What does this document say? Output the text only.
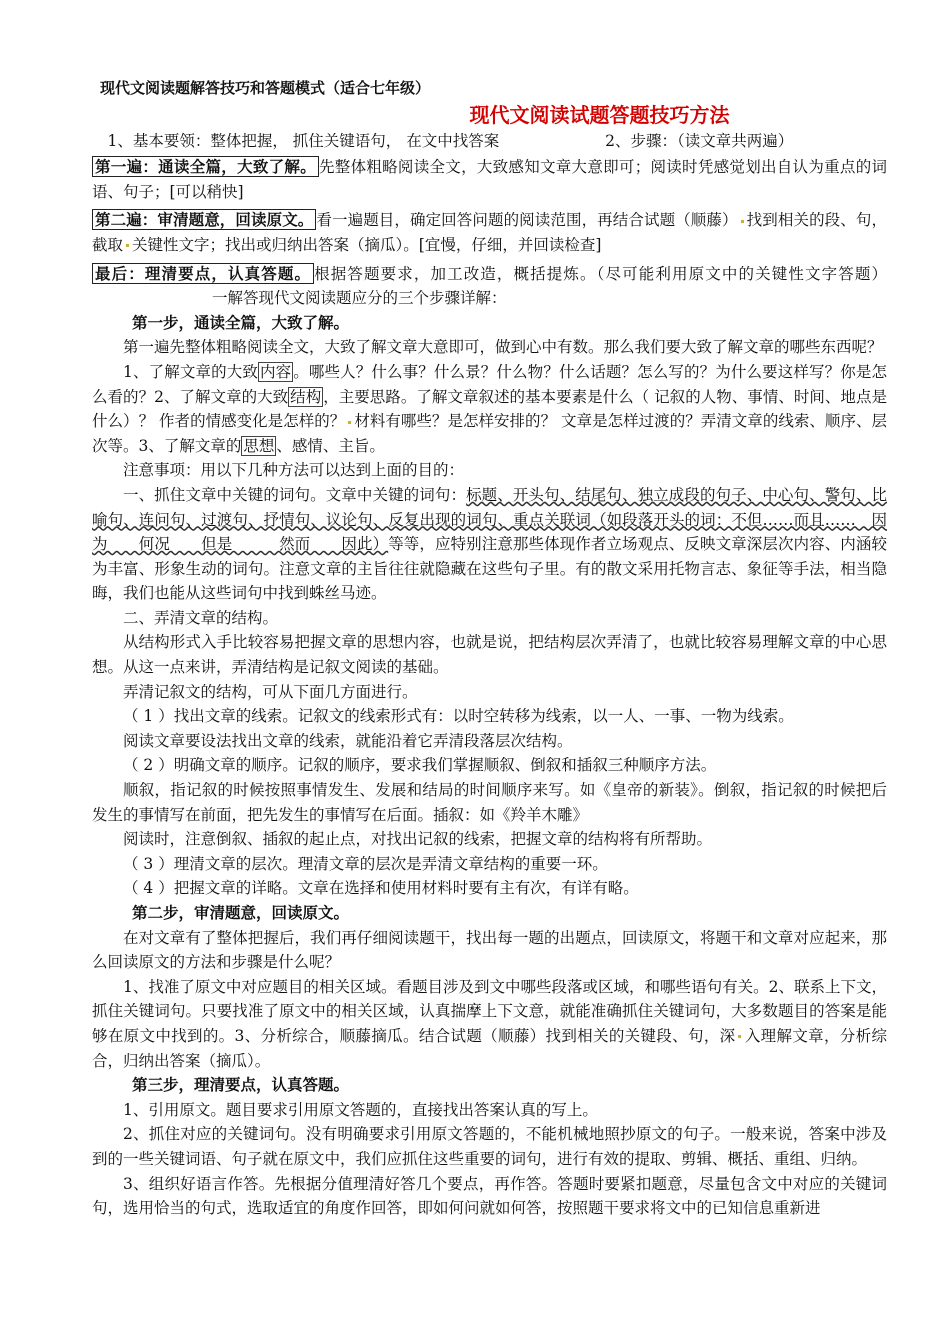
现代文阅读题解答技巧和答题模式（适合七年级）

现代文阅读试题答题技巧方法

1、基本要领：整体把握， 抓住关键语句， 在文中找答案	2、步骤：（读文章共两遍）

第一遍：通读全篇，大致了解。 先整体粗略阅读全文，大致感知文章大意即可；阅读时凭感觉划出自认为重点的词语、句子；[可以稍快]

第二遍：审清题意，回读原文。 看一遍题目，确定回答问题的阅读范围，再结合试题（顺藤） 找到相关的段、句，截取 关键性文字；找出或归纳出答案（摘瓜）。[宜慢，仔细，并回读检查]

最后：理清要点，认真答题。 根据答题要求，加工改造，概括提炼。（尽可能利用原文中的关键性文字答题）一解答现代文阅读题应分的三个步骤详解：

第一步，通读全篇，大致了解。

第一遍先整体粗略阅读全文，大致了解文章大意即可，做到心中有数。那么我们要大致了解文章的哪些东西呢？

1、了解文章的大致 内容 。哪些人？什么事？什么景？什么物？什么话题？怎么写的？为什么要这样写？你是怎么看的？2、了解文章的大致 结构 ，主要思路。了解文章叙述的基本要素是什么（ 记叙的人物、事情、时间、地点是什么）？ 作者的情感变化是怎样的？ 材料有哪些？是怎样安排的？ 文章是怎样过渡的？弄清文章的线索、顺序、层次等。3、了解文章的 思想 、感情、主旨。

注意事项：用以下几种方法可以达到上面的目的：

一、抓住文章中关键的词句。文章中关键的词句：标题、开头句、结尾句、独立成段的句子、中心句、警句、比喻句、连问句、过渡句、抒情句、议论句、反复出现的词句、重点关联词（如段落开头的词：不但……而且……　因为　　何况　　但是　　　然而　　因此）等等，应特别注意那些体现作者立场观点、反映文章深层次内容、内涵较为丰富、形象生动的词句。注意文章的主旨往往就隐藏在这些句子里。有的散文采用托物言志、象征等手法，相当隐晦，我们也能从这些词句中找到蛛丝马迹。

二、弄清文章的结构。

从结构形式入手比较容易把握文章的思想内容，也就是说，把结构层次弄清了，也就比较容易理解文章的中心思想。从这一点来讲，弄清结构是记叙文阅读的基础。

弄清记叙文的结构，可从下面几方面进行。

（ 1 ）找出文章的线索。记叙文的线索形式有：以时空转移为线索，以一人、一事、一物为线索。

阅读文章要设法找出文章的线索，就能沿着它弄清段落层次结构。

（ 2 ）明确文章的顺序。记叙的顺序，要求我们掌握顺叙、倒叙和插叙三种顺序方法。

顺叙，指记叙的时候按照事情发生、发展和结局的时间顺序来写。如《皇帝的新装》。倒叙，指记叙的时候把后发生的事情写在前面，把先发生的事情写在后面。插叙：如《羚羊木雕》

阅读时，注意倒叙、插叙的起止点，对找出记叙的线索，把握文章的结构将有所帮助。

（ 3 ）理清文章的层次。理清文章的层次是弄清文章结构的重要一环。

（ 4 ）把握文章的详略。文章在选择和使用材料时要有主有次，有详有略。

第二步，审清题意，回读原文。

在对文章有了整体把握后，我们再仔细阅读题干，找出每一题的出题点，回读原文，将题干和文章对应起来，那么回读原文的方法和步骤是什么呢？

1、找准了原文中对应题目的相关区域。看题目涉及到文中哪些段落或区域，和哪些语句有关。2、联系上下文，抓住关键词句。只要找准了原文中的相关区域，认真揣摩上下文意，就能准确抓住关键词句，大多数题目的答案是能够在原文中找到的。3、分析综合，顺藤摘瓜。结合试题（顺藤）找到相关的关键段、句，深 入理解文章，分析综合，归纳出答案（摘瓜）。

第三步，理清要点，认真答题。

1、引用原文。题目要求引用原文答题的，直接找出答案认真的写上。

2、抓住对应的关键词句。没有明确要求引用原文答题的，不能机械地照抄原文的句子。一般来说，答案中涉及到的一些关键词语、句子就在原文中，我们应抓住这些重要的词句，进行有效的提取、剪辑、概括、重组、归纳。

3、组织好语言作答。先根据分值理清好答几个要点，再作答。答题时要紧扣题意，尽量包含文中对应的关键词句，选用恰当的句式，选取适宜的角度作回答，即如何问就如何答，按照题干要求将文中的已知信息重新进
